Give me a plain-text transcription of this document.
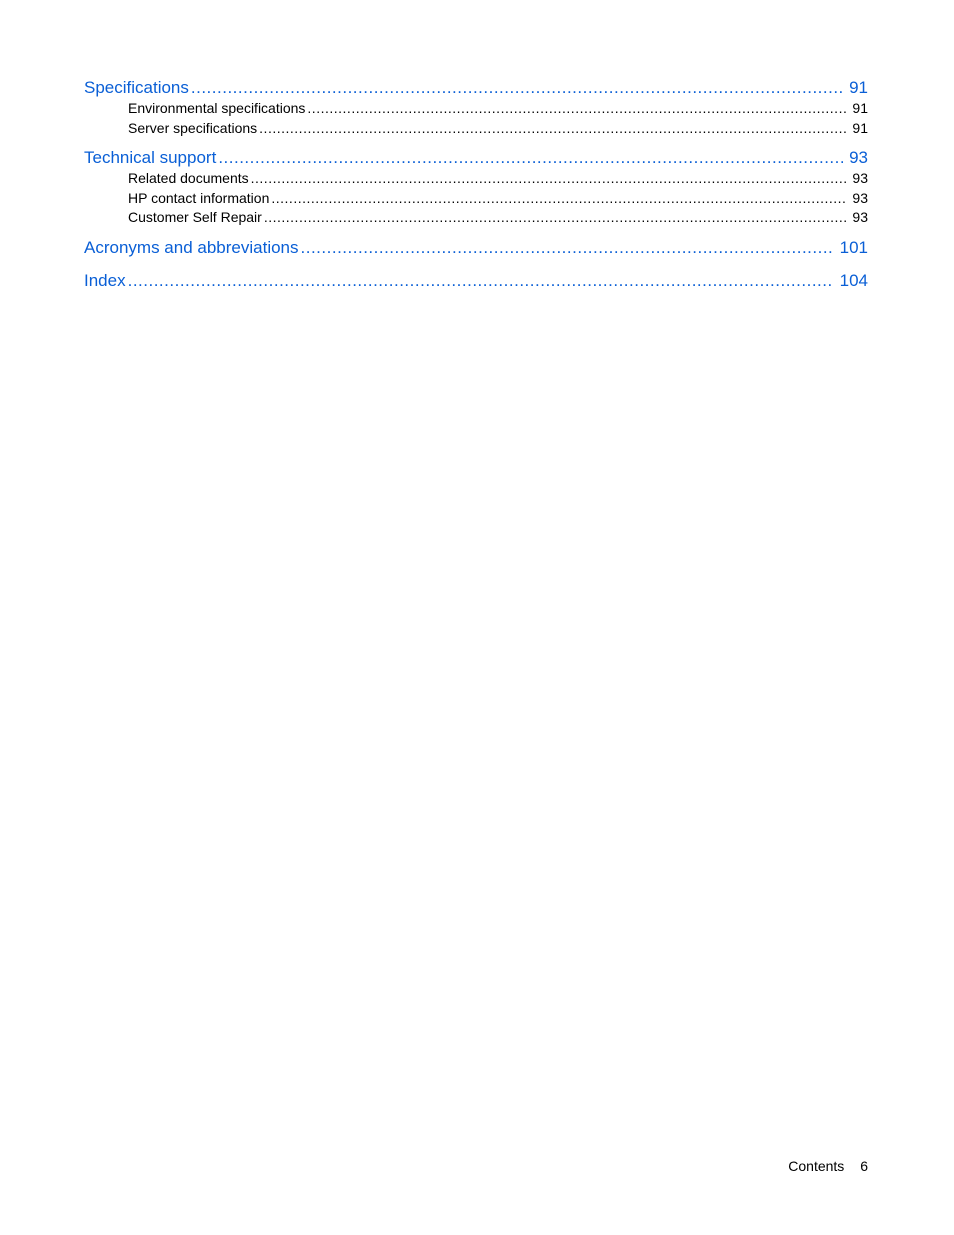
Specifications .....	91
Environmental specifications .....	91
Server specifications .....	91
Technical support .....	93
Related documents .....	93
HP contact information .....	93
Customer Self Repair .....	93
Acronyms and abbreviations .....	101
Index .....	104
Contents 6
